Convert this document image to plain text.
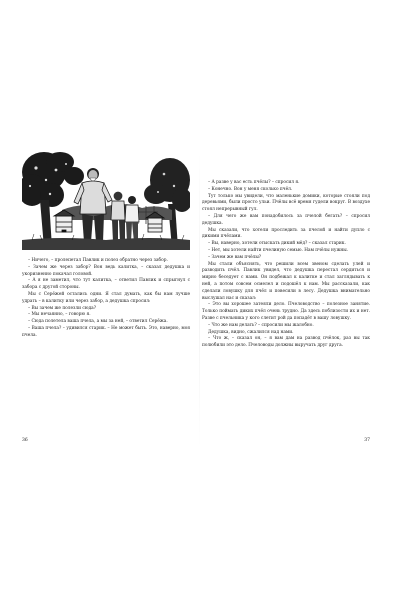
– Ничего, – пролепетал Павлик и полез обратно через забор.

– Зачем же через забор? Вон ведь калитка, – сказал дедушка и укоризненно покачал головой.

– А я не заметил, что тут калитка, – ответил Павлик и спрыгнул с забора с другой стороны.

Мы с Серёжей остались одни. Я стал думать, как бы нам лучше удрать – в калитку или через забор, а дедушка спросил:

– Вы зачем же полезли сюда?

– Мы нечаянно, – говорю я.

– Сюда полетела ваша пчела, а мы за ней, – ответил Серёжа.

– Ваша пчела? – удивился старик. – Не может быть. Это, наверно, моя пчела.

36

– А разве у вас есть пчёлы? – спросил я.

– Конечно. Вон у меня сколько пчёл.

Тут только мы увидели, что маленькие домики, которые стояли под деревьями, были просто ульи. Пчёлы всё время гудели вокруг. В воздухе стоял непрерывный гул.

– Для чего же вам понадобилось за пчелой бегать? – спросил дедушка.

Мы сказали, что хотели проследить за пчелой и найти дупло с дикими пчёлами.

– Вы, наверно, хотели отыскать дикий мёд? – сказал старик.

– Нет, мы хотели найти пчелиную семью. Нам пчёлы нужны.

– Зачем же вам пчёлы?

Мы стали объяснять, что решили всем звеном сделать улей и разводить пчёл. Павлик увидел, что дедушка перестал сердиться и мирно беседует с нами. Он подбежал к калитке и стал заглядывать к ней, а потом совсем осмелел и подошёл к нам. Мы рассказали, как сделали ловушку для пчёл и повесили в лесу. Дедушка внимательно выслушал нас и сказал:

– Это вы хорошее затеяли дело. Пчеловодство – полезное занятие. Только поймать диких пчёл очень трудно. Да здесь поблизости их и нет. Разве с пчельника у кого слетит рой да попадёт в вашу ловушку.

– Что же нам делать? – спросили мы жалобно.

Дедушка, видно, сжалился над нами.

– Что ж, – сказал он, – я вам дам на развод пчёлок, раз вы так полюбили это дело. Пчеловоды должны выручать друг друга.

37
